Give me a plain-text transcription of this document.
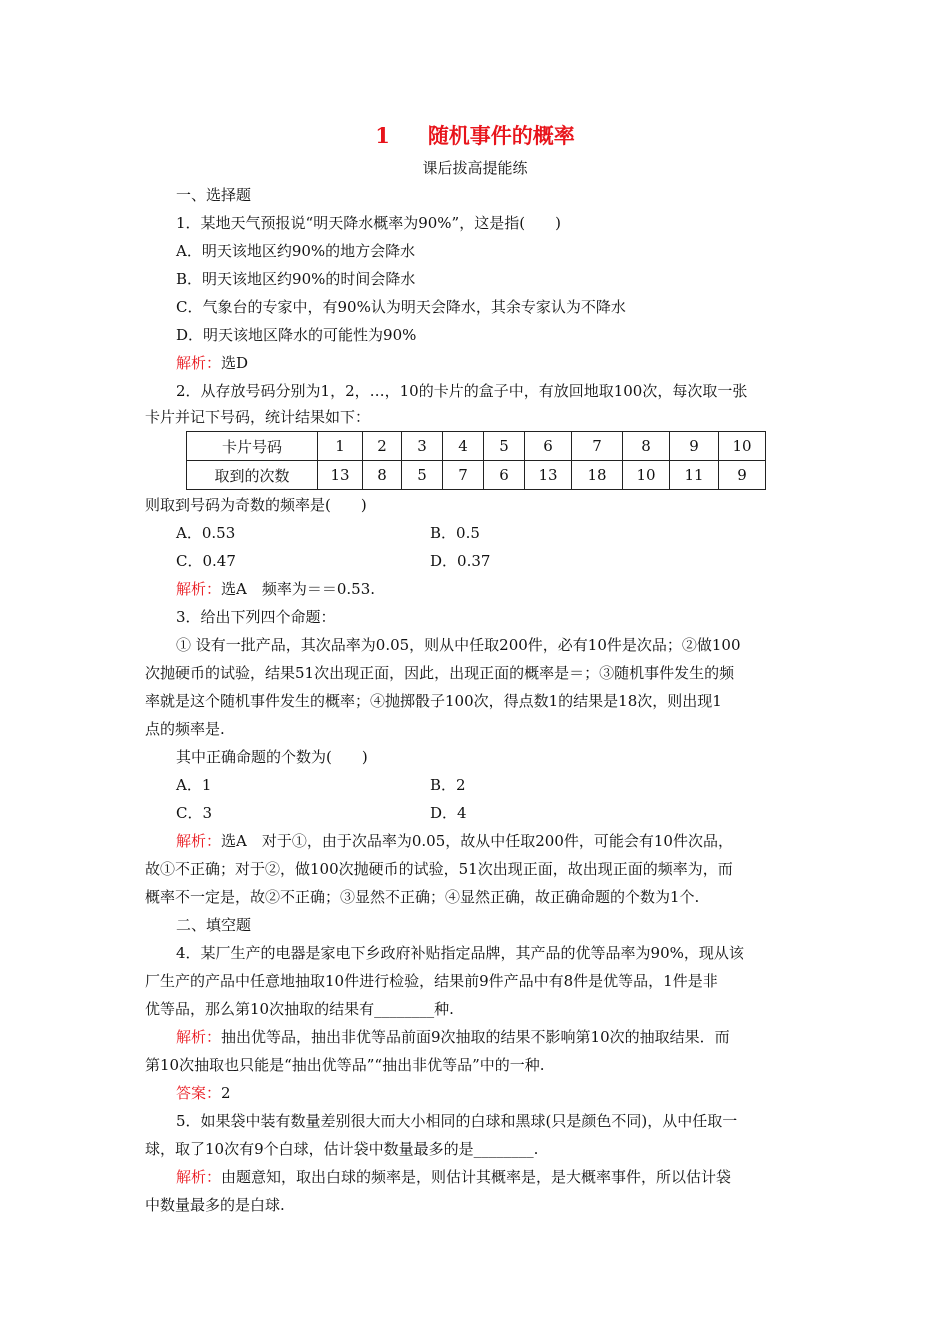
1 随机事件的概率
课后拔高提能练
一、选择题
1．某地天气预报说“明天降水概率为90%”，这是指(　　)
A．明天该地区约90%的地方会降水
B．明天该地区约90%的时间会降水
C．气象台的专家中，有90%认为明天会降水，其余专家认为不降水
D．明天该地区降水的可能性为90%
解析：选D
2．从存放号码分别为1，2，…，10的卡片的盒子中，有放回地取100次，每次取一张
卡片并记下号码，统计结果如下：
卡片号码	1	2	3	4	5	6	7	8	9	10
取到的次数	13	8	5	7	6	13	18	10	11	9
则取到号码为奇数的频率是(　　)
A．0.53	B．0.5
C．0.47	D．0.37
解析：选A　频率为＝＝0.53.
3．给出下列四个命题：
① 设有一批产品，其次品率为0.05，则从中任取200件，必有10件是次品；②做100
次抛硬币的试验，结果51次出现正面，因此，出现正面的概率是＝；③随机事件发生的频
率就是这个随机事件发生的概率；④抛掷骰子100次，得点数1的结果是18次，则出现1
点的频率是.
其中正确命题的个数为(　　)
A．1	B．2
C．3	D．4
解析：选A　对于①，由于次品率为0.05，故从中任取200件，可能会有10件次品，
故①不正确；对于②，做100次抛硬币的试验，51次出现正面，故出现正面的频率为，而
概率不一定是，故②不正确；③显然不正确；④显然正确，故正确命题的个数为1个.
二、填空题
4．某厂生产的电器是家电下乡政府补贴指定品牌，其产品的优等品率为90%，现从该
厂生产的产品中任意地抽取10件进行检验，结果前9件产品中有8件是优等品，1件是非
优等品，那么第10次抽取的结果有________种.
解析：抽出优等品，抽出非优等品前面9次抽取的结果不影响第10次的抽取结果．而
第10次抽取也只能是“抽出优等品”“抽出非优等品”中的一种.
答案：2
5．如果袋中装有数量差别很大而大小相同的白球和黑球(只是颜色不同)，从中任取一
球，取了10次有9个白球，估计袋中数量最多的是________.
解析：由题意知，取出白球的频率是，则估计其概率是，是大概率事件，所以估计袋
中数量最多的是白球.
